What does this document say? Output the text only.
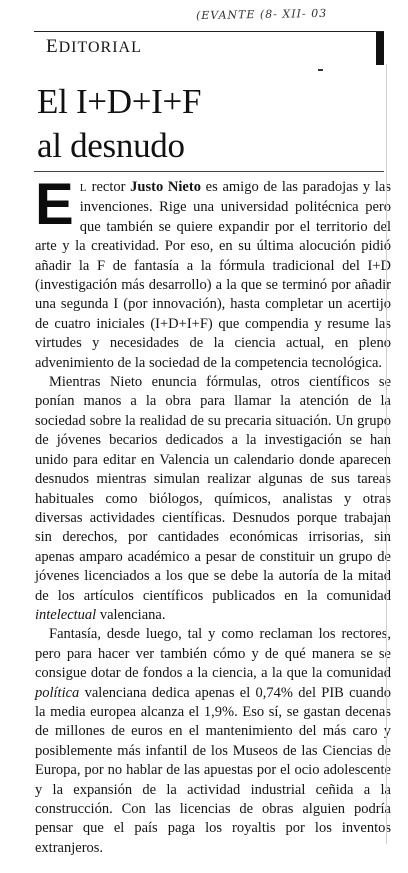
(EVANTE (8- XII- 03
EDITORIAL
El I+D+I+F
al desnudo

E L rector Justo Nieto es amigo de las paradojas y las invenciones. Rige una universidad politécnica pero que también se quiere expandir por el territorio del arte y la creatividad. Por eso, en su última alocución pidió añadir la F de fantasía a la fórmula tradicional del I+D (investigación más desarrollo) a la que se terminó por añadir una segunda I (por innovación), hasta completar un acertijo de cuatro iniciales (I+D+I+F) que compendia y resume las virtudes y necesidades de la ciencia actual, en pleno advenimiento de la sociedad de la competencia tecnológica.

Mientras Nieto enuncia fórmulas, otros científicos se ponían manos a la obra para llamar la atención de la sociedad sobre la realidad de su precaria situación. Un grupo de jóvenes becarios dedicados a la investigación se han unido para editar en Valencia un calendario donde aparecen desnudos mientras simulan realizar algunas de sus tareas habituales como biólogos, químicos, analistas y otras diversas actividades científicas. Desnudos porque trabajan sin derechos, por cantidades económicas irrisorias, sin apenas amparo académico a pesar de constituir un grupo de jóvenes licenciados a los que se debe la autoría de la mitad de los artículos científicos publicados en la comunidad intelectual valenciana.

Fantasía, desde luego, tal y como reclaman los rectores, pero para hacer ver también cómo y de qué manera se se consigue dotar de fondos a la ciencia, a la que la comunidad política valenciana dedica apenas el 0,74% del PIB cuando la media europea alcanza el 1,9%. Eso sí, se gastan decenas de millones de euros en el mantenimiento del más caro y posiblemente más infantil de los Museos de las Ciencias de Europa, por no hablar de las apuestas por el ocio adolescente y la expansión de la actividad industrial ceñida a la construcción. Con las licencias de obras alguien podría pensar que el país paga los royaltis por los inventos extranjeros.
